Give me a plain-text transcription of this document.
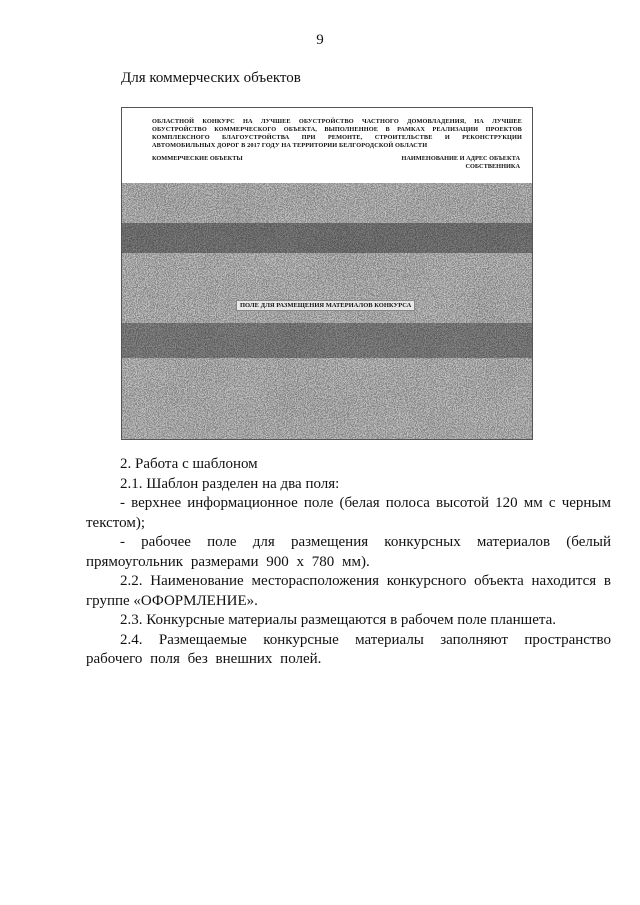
9
Для коммерческих объектов
ОБЛАСТНОЙ КОНКУРС НА ЛУЧШЕЕ ОБУСТРОЙСТВО ЧАСТНОГО ДОМОВЛАДЕНИЯ, НА ЛУЧШЕЕ ОБУСТРОЙСТВО КОММЕРЧЕСКОГО ОБЪЕКТА, ВЫПОЛНЕННОЕ В РАМКАХ РЕАЛИЗАЦИИ ПРОЕКТОВ КОМПЛЕКСНОГО БЛАГОУСТРОЙСТВА ПРИ РЕМОНТЕ, СТРОИТЕЛЬСТВЕ И РЕКОНСТРУКЦИИ АВТОМОБИЛЬНЫХ ДОРОГ В 2017 ГОДУ НА ТЕРРИТОРИИ БЕЛГОРОДСКОЙ ОБЛАСТИ
КОММЕРЧЕСКИЕ ОБЪЕКТЫ	НАИМЕНОВАНИЕ И АДРЕС ОБЪЕКТА СОБСТВЕННИКА
ПОЛЕ ДЛЯ РАЗМЕЩЕНИЯ МАТЕРИАЛОВ КОНКУРСА

2. Работа с шаблоном

2.1. Шаблон разделен на два поля:

- верхнее информационное поле (белая полоса высотой 120 мм с черным текстом);

- рабочее поле для размещения конкурсных материалов (белый прямоугольник размерами 900 х 780 мм).

2.2. Наименование месторасположения конкурсного объекта находится в группе «ОФОРМЛЕНИЕ».

2.3. Конкурсные материалы размещаются в рабочем поле планшета.

2.4. Размещаемые конкурсные материалы заполняют пространство рабочего поля без внешних полей.
